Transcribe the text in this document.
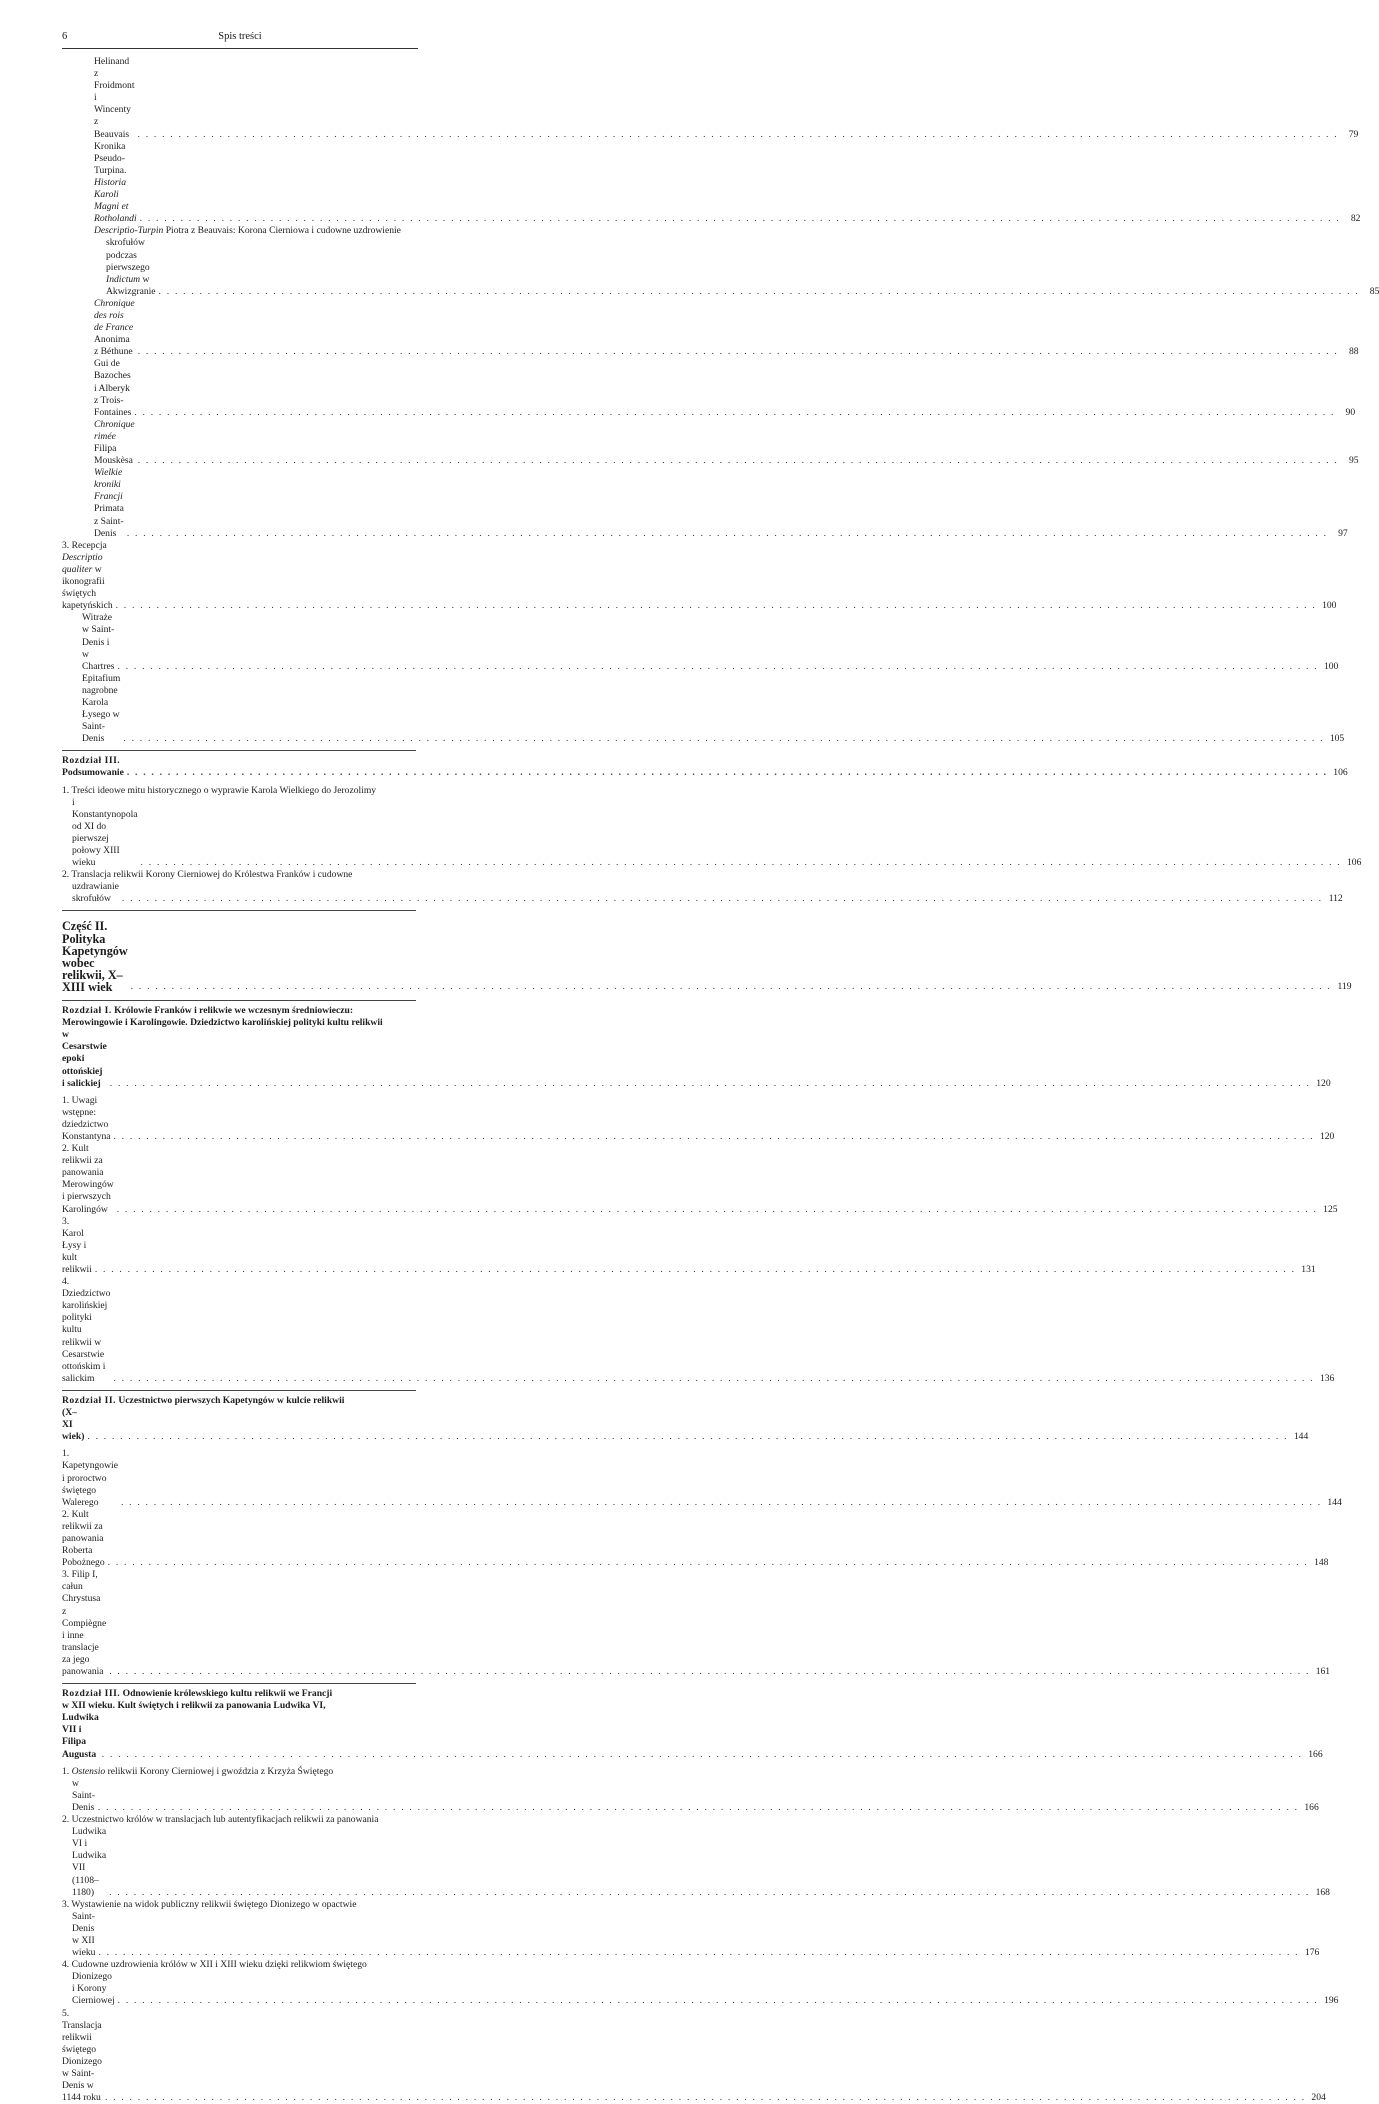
6	Spis treści
Helinand z Froidmont i Wincenty z Beauvais . . .	79
Kronika Pseudo-Turpina. Historia Karoli Magni et Rotholandi . . .	82
Descriptio-Turpin Piotra z Beauvais: Korona Cierniowa i cudowne uzdrowienie
skrofułów podczas pierwszego Indictum w Akwizgranie . . .	85
Chronique des rois de France Anonima z Béthune . . .	88
Gui de Bazoches i Alberyk z Trois-Fontaines . . .	90
Chronique rimée Filipa Mouskèsa . . .	95
Wielkie kroniki Francji Primata z Saint-Denis . . .	97
3. Recepcja Descriptio qualiter w ikonografii świętych kapetyńskich . . .	100
Witraże w Saint-Denis i w Chartres . . .	100
Epitafium nagrobne Karola Łysego w Saint-Denis . . .	105
Rozdział III. Podsumowanie . . .	106
1. Treści ideowe mitu historycznego o wyprawie Karola Wielkiego do Jerozolimy
i Konstantynopola od XI do pierwszej połowy XIII wieku . . .	106
2. Translacja relikwii Korony Cierniowej do Królestwa Franków i cudowne
uzdrawianie skrofułów . . .	112
Część II. Polityka Kapetyngów wobec relikwii, X–XIII wiek . . .	119
Rozdział I. Królowie Franków i relikwie we wczesnym średniowieczu:
Merowingowie i Karolingowie. Dziedzictwo karolińskiej polityki kultu relikwii
w Cesarstwie epoki ottońskiej i salickiej . . .	120
1. Uwagi wstępne: dziedzictwo Konstantyna . . .	120
2. Kult relikwii za panowania Merowingów i pierwszych Karolingów . . .	125
3. Karol Łysy i kult relikwii . . .	131
4. Dziedzictwo karolińskiej polityki kultu relikwii w Cesarstwie ottońskim i salickim . . .	136
Rozdział II. Uczestnictwo pierwszych Kapetyngów w kulcie relikwii
(X–XI wiek) . . .	144
1. Kapetyngowie i proroctwo świętego Walerego . . .	144
2. Kult relikwii za panowania Roberta Pobożnego . . .	148
3. Filip I, całun Chrystusa z Compiègne i inne translacje za jego panowania . . .	161
Rozdział III. Odnowienie królewskiego kultu relikwii we Francji
w XII wieku. Kult świętych i relikwii za panowania Ludwika VI,
Ludwika VII i Filipa Augusta . . .	166
1. Ostensio relikwii Korony Cierniowej i gwoździa z Krzyża Świętego
w Saint-Denis . . .	166
2. Uczestnictwo królów w translacjach lub autentyfikacjach relikwii za panowania
Ludwika VI i Ludwika VII (1108–1180) . . .	168
3. Wystawienie na widok publiczny relikwii świętego Dionizego w opactwie
Saint-Denis w XII wieku . . .	176
4. Cudowne uzdrowienia królów w XII i XIII wieku dzięki relikwiom świętego
Dionizego i Korony Cierniowej . . .	196
5. Translacja relikwii świętego Dionizego w Saint-Denis w 1144 roku . . .	204
